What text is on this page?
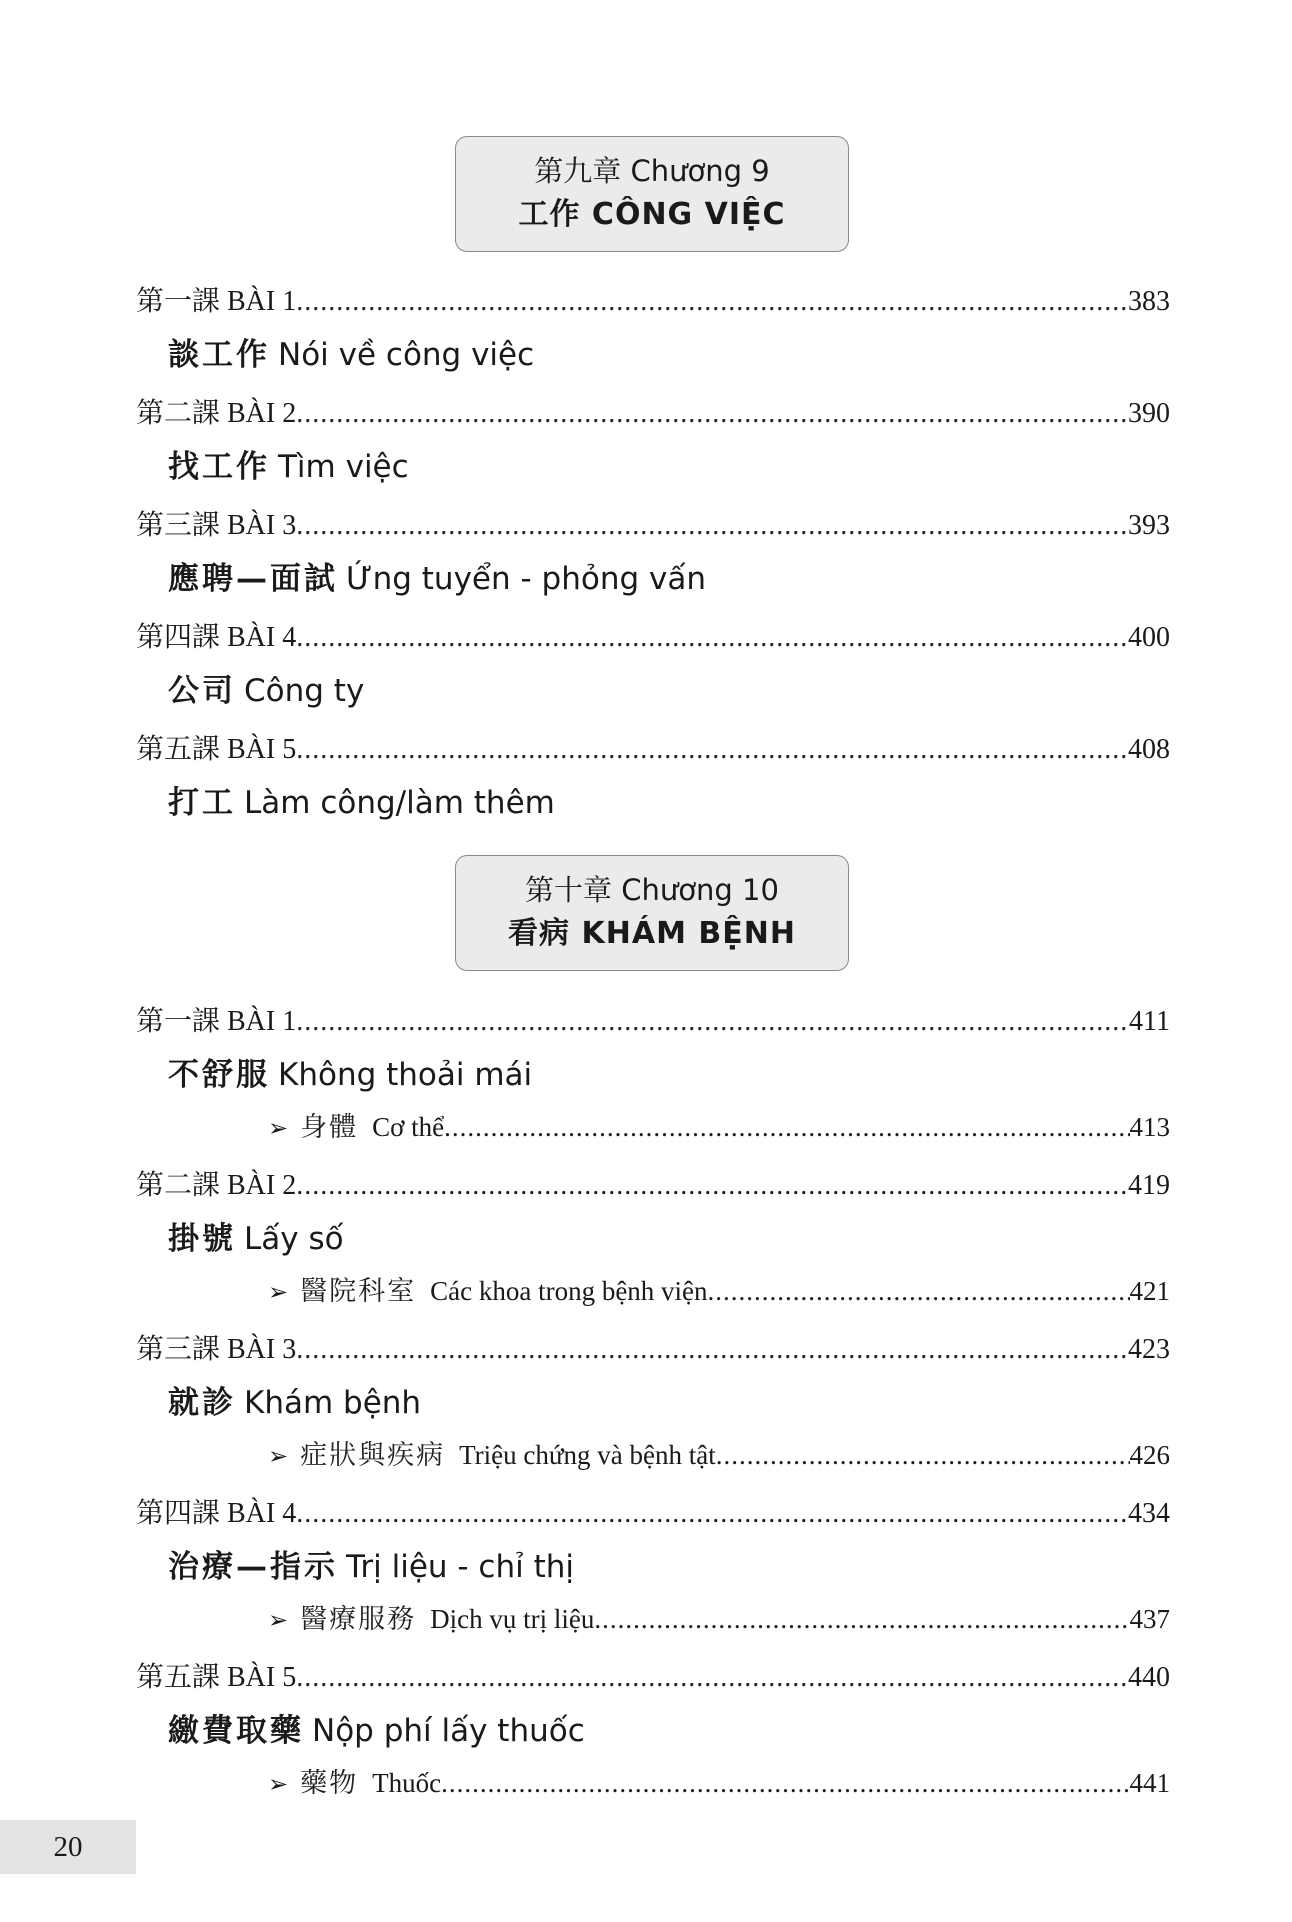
第九章 Chương 9
工作 CÔNG VIỆC
第一課 BÀI 1 .....	383
談工作 Nói về công việc
第二課 BÀI 2 .....	390
找工作 Tìm việc
第三課 BÀI 3 .....	393
應聘—面試 Ứng tuyển - phỏng vấn
第四課 BÀI 4 .....	400
公司 Công ty
第五課 BÀI 5 .....	408
打工 Làm công/làm thêm
第十章 Chương 10
看病 KHÁM BỆNH
第一課 BÀI 1 .....	411
不舒服 Không thoải mái
➢ 身體 Cơ thể .....	413
第二課 BÀI 2 .....	419
掛號 Lấy số
➢ 醫院科室 Các khoa trong bệnh viện .....	421
第三課 BÀI 3 .....	423
就診 Khám bệnh
➢ 症狀與疾病 Triệu chứng và bệnh tật .....	426
第四課 BÀI 4 .....	434
治療—指示 Trị liệu - chỉ thị
➢ 醫療服務 Dịch vụ trị liệu .....	437
第五課 BÀI 5 .....	440
繳費取藥 Nộp phí lấy thuốc
➢ 藥物 Thuốc .....	441
20
